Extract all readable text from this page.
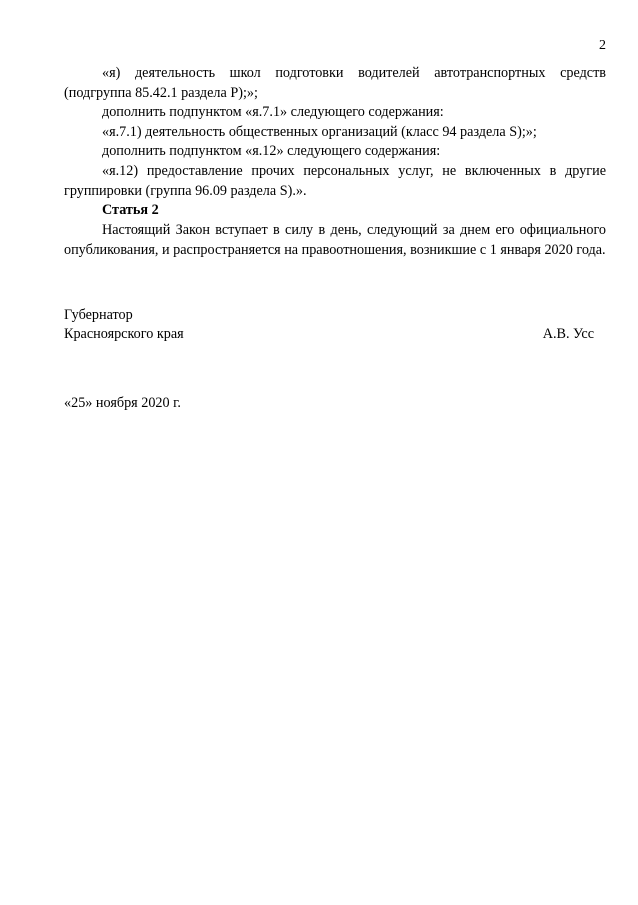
2

«я) деятельность школ подготовки водителей автотранспортных средств (подгруппа 85.42.1 раздела P);»;

дополнить подпунктом «я.7.1» следующего содержания:

«я.7.1) деятельность общественных организаций (класс 94 раздела S);»;

дополнить подпунктом «я.12» следующего содержания:

«я.12) предоставление прочих персональных услуг, не включенных в другие группировки (группа 96.09 раздела S).».

Статья 2

Настоящий Закон вступает в силу в день, следующий за днем его официального опубликования, и распространяется на правоотношения, возникшие с 1 января 2020 года.

Губернатор
Красноярского края	А.В. Усс
«25» ноября 2020 г.
